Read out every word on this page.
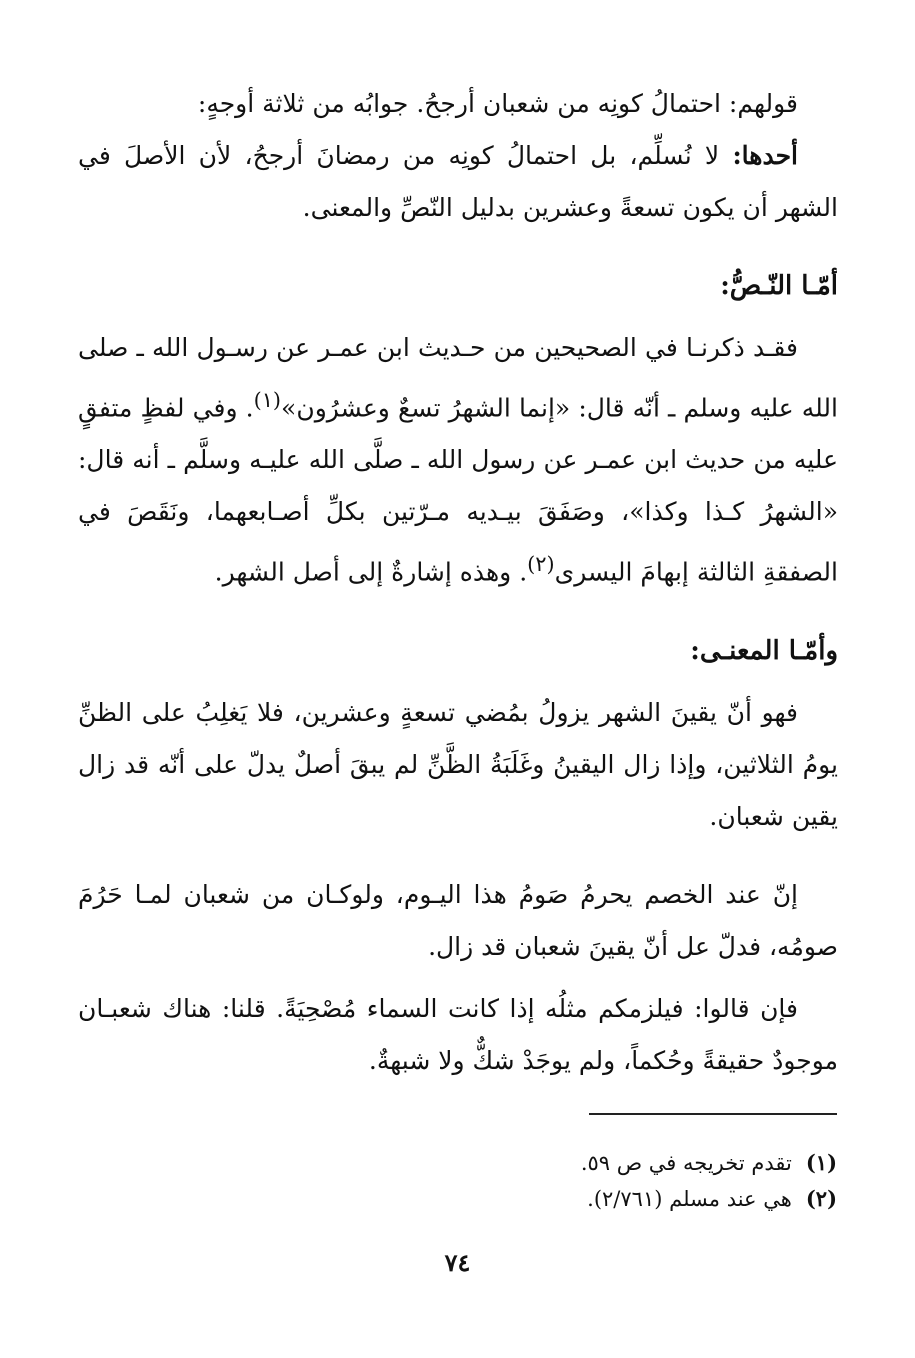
قولهم: احتمالُ كونِه من شعبان أرجحُ. جوابُه من ثلاثة أوجهٍ:

أحدها: لا نُسلِّم، بل احتمالُ كونِه من رمضانَ أرجحُ، لأن الأصلَ في الشهر أن يكون تسعةً وعشرين بدليل النّصِّ والمعنى.

أمّـا النّـصُّ:

فقـد ذكرنـا في الصحيحين من حـديث ابن عمـر عن رسـول الله ـ صلى الله عليه وسلم ـ أنّه قال: «إنما الشهرُ تسعٌ وعشرُون»$^{(١)}$. وفي لفظٍ متفقٍ عليه من حديث ابن عمـر عن رسول الله ـ صلَّى الله عليـه وسلَّم ـ أنه قال: «الشهرُ كـذا وكذا»، وصَفَقَ بيـديه مـرّتين بكلِّ أصـابعهما، ونَقَصَ في الصفقةِ الثالثة إبهامَ اليسرى$^{(٢)}$. وهذه إشارةٌ إلى أصل الشهر.

وأمّـا المعنـى:

فهو أنّ يقينَ الشهر يزولُ بمُضي تسعةٍ وعشرين، فلا يَغلِبُ على الظنِّ يومُ الثلاثين، وإذا زال اليقينُ وغَلَبَةُ الظَّنِّ لم يبقَ أصلٌ يدلّ على أنّه قد زال يقين شعبان.

إنّ عند الخصم يحرمُ صَومُ هذا اليـوم، ولوكـان من شعبان لمـا حَرُمَ صومُه، فدلّ عل أنّ يقينَ شعبان قد زال.

فإن قالوا: فيلزمكم مثلُه إذا كانت السماء مُصْحِيَةً. قلنا: هناك شعبـان موجودٌ حقيقةً وحُكماً، ولم يوجَدْ شكٌّ ولا شبهةٌ.

(١)تقدم تخريجه في ص ٥٩.

(٢)هي عند مسلم (٢/٧٦١).

٧٤
